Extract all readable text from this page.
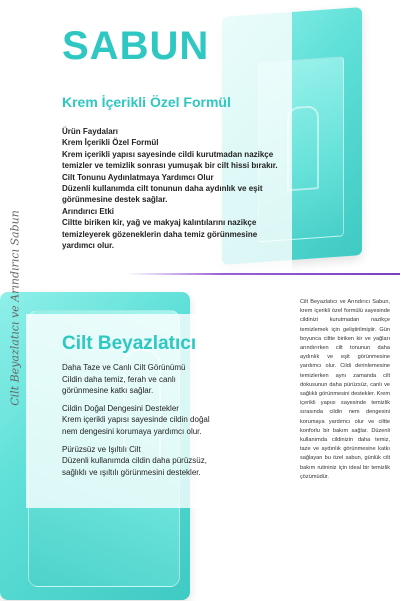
SABUN
Krem İçerikli Özel Formül

Ürün Faydaları

Krem İçerikli Özel Formül

Krem içerikli yapısı sayesinde cildi kurutmadan nazikçe temizler ve temizlik sonrası yumuşak bir cilt hissi bırakır.

Cilt Tonunu Aydınlatmaya Yardımcı Olur

Düzenli kullanımda cilt tonunun daha aydınlık ve eşit görünmesine destek sağlar.

Arındırıcı Etki

Ciltte biriken kir, yağ ve makyaj kalıntılarını nazikçe temizleyerek gözeneklerin daha temiz görünmesine yardımcı olur.

Cilt Beyazlatıcı

Daha Taze ve Canlı Cilt Görünümü

Cildin daha temiz, ferah ve canlı görünmesine katkı sağlar.

Cildin Doğal Dengesini Destekler

Krem içerikli yapısı sayesinde cildin doğal nem dengesini korumaya yardımcı olur.

Pürüzsüz ve Işıltılı Cilt

Düzenli kullanımda cildin daha pürüzsüz, sağlıklı ve ışıltılı görünmesini destekler.

Cilt Beyazlatıcı ve Arındırıcı Sabun, krem içerikli özel formülü sayesinde cildinizi kurutmadan nazikçe temizlemek için geliştirilmiştir. Gün boyunca ciltte biriken kir ve yağları arındırırken cilt tonunun daha aydınlık ve eşit görünmesine yardımcı olur. Cildi derinlemesine temizlerken aynı zamanda cilt dokusunun daha pürüzsüz, canlı ve sağlıklı görünmesini destekler. Krem içerikli yapısı sayesinde temizlik sırasında cildin nem dengesini korumaya yardımcı olur ve ciltte konforlu bir bakım sağlar. Düzenli kullanımda cildinizin daha temiz, taze ve aydınlık görünmesine katkı sağlayan bu özel sabun, günlük cilt bakım rutininiz için ideal bir temizlik çözümüdür.

Cilt Beyazlatıcı ve Arındırıcı Sabun
